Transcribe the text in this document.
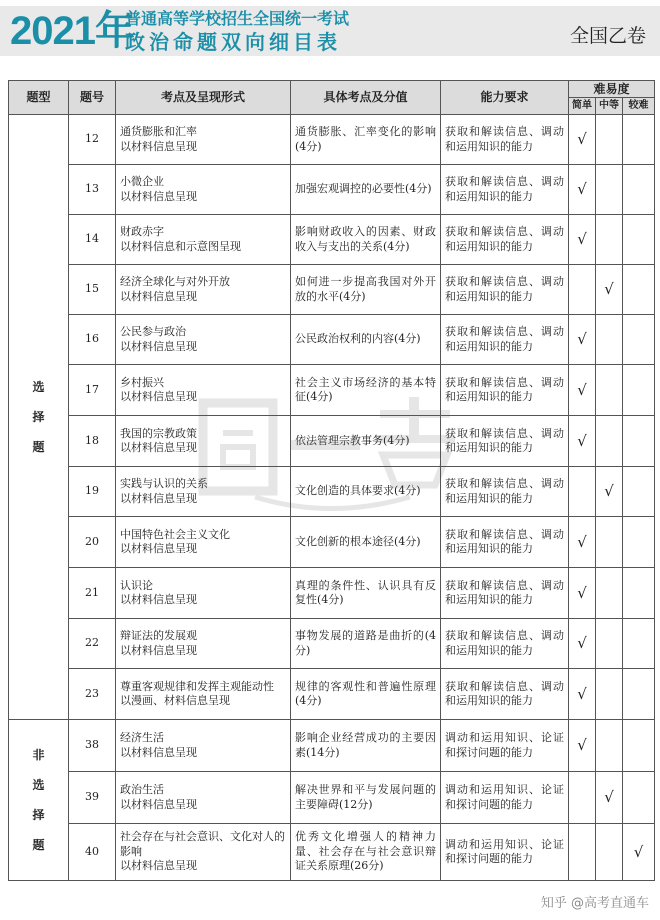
2021年
普通高等学校招生全国统一考试
政治命题双向细目表	全国乙卷
题型	题号	考点及呈现形式	具体考点及分值	能力要求	难易度		
					简单	中等	较难
选择题	12	通货膨胀和汇率
以材料信息呈现	通货膨胀、汇率变化的影响(4分)	获取和解读信息、调动和运用知识的能力	√		
	13	小微企业
以材料信息呈现	加强宏观调控的必要性(4分)	获取和解读信息、调动和运用知识的能力	√		
	14	财政赤字
以材料信息和示意图呈现	影响财政收入的因素、财政收入与支出的关系(4分)	获取和解读信息、调动和运用知识的能力	√		
	15	经济全球化与对外开放
以材料信息呈现	如何进一步提高我国对外开放的水平(4分)	获取和解读信息、调动和运用知识的能力		√	
	16	公民参与政治
以材料信息呈现	公民政治权利的内容(4分)	获取和解读信息、调动和运用知识的能力	√		
	17	乡村振兴
以材料信息呈现	社会主义市场经济的基本特征(4分)	获取和解读信息、调动和运用知识的能力	√		
	18	我国的宗教政策
以材料信息呈现	依法管理宗教事务(4分)	获取和解读信息、调动和运用知识的能力	√		
	19	实践与认识的关系
以材料信息呈现	文化创造的具体要求(4分)	获取和解读信息、调动和运用知识的能力		√	
	20	中国特色社会主义文化
以材料信息呈现	文化创新的根本途径(4分)	获取和解读信息、调动和运用知识的能力	√		
	21	认识论
以材料信息呈现	真理的条件性、认识具有反复性(4分)	获取和解读信息、调动和运用知识的能力	√		
	22	辩证法的发展观
以材料信息呈现	事物发展的道路是曲折的(4分)	获取和解读信息、调动和运用知识的能力	√		
	23	尊重客观规律和发挥主观能动性
以漫画、材料信息呈现	规律的客观性和普遍性原理(4分)	获取和解读信息、调动和运用知识的能力	√		
非选择题	38	经济生活
以材料信息呈现	影响企业经营成功的主要因素(14分)	调动和运用知识、论证和探讨问题的能力	√		
	39	政治生活
以材料信息呈现	解决世界和平与发展问题的主要障碍(12分)	调动和运用知识、论证和探讨问题的能力		√	
	40	社会存在与社会意识、文化对人的影响
以材料信息呈现	优秀文化增强人的精神力量、社会存在与社会意识辩证关系原理(26分)	调动和运用知识、论证和探讨问题的能力			√
知乎 @高考直通车
